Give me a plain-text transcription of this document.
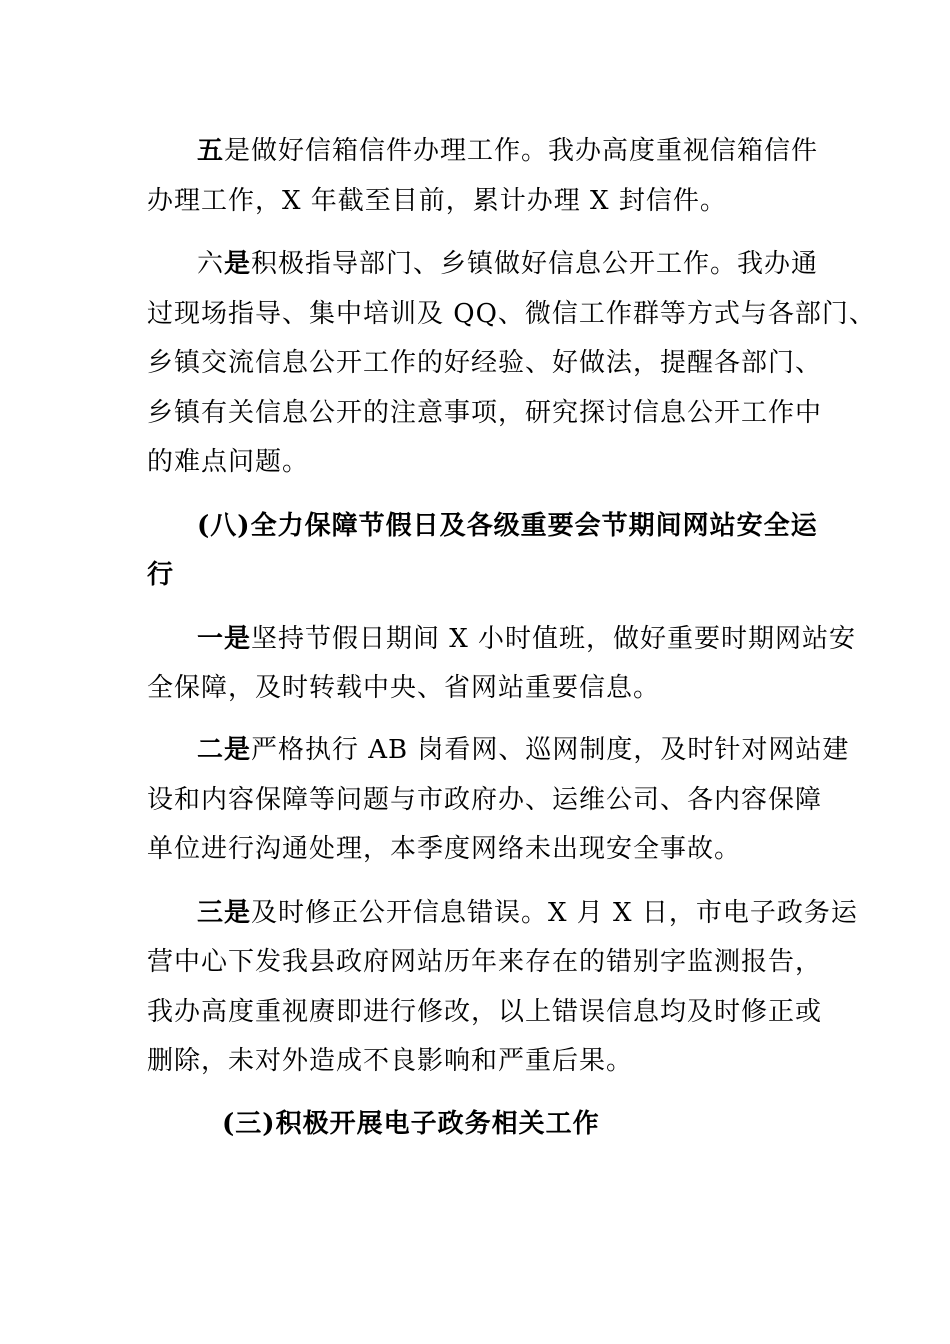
五是做好信箱信件办理工作。我办高度重视信箱信件
办理工作，X 年截至目前，累计办理 X 封信件。
六是积极指导部门、乡镇做好信息公开工作。我办通
过现场指导、集中培训及 QQ、微信工作群等方式与各部门、
乡镇交流信息公开工作的好经验、好做法，提醒各部门、
乡镇有关信息公开的注意事项，研究探讨信息公开工作中
的难点问题。
(八)全力保障节假日及各级重要会节期间网站安全运
行
一是坚持节假日期间 X 小时值班，做好重要时期网站安
全保障，及时转载中央、省网站重要信息。
二是严格执行 AB 岗看网、巡网制度，及时针对网站建
设和内容保障等问题与市政府办、运维公司、各内容保障
单位进行沟通处理，本季度网络未出现安全事故。
三是及时修正公开信息错误。X 月 X 日，市电子政务运
营中心下发我县政府网站历年来存在的错别字监测报告，
我办高度重视赓即进行修改，以上错误信息均及时修正或
删除，未对外造成不良影响和严重后果。
(三)积极开展电子政务相关工作
